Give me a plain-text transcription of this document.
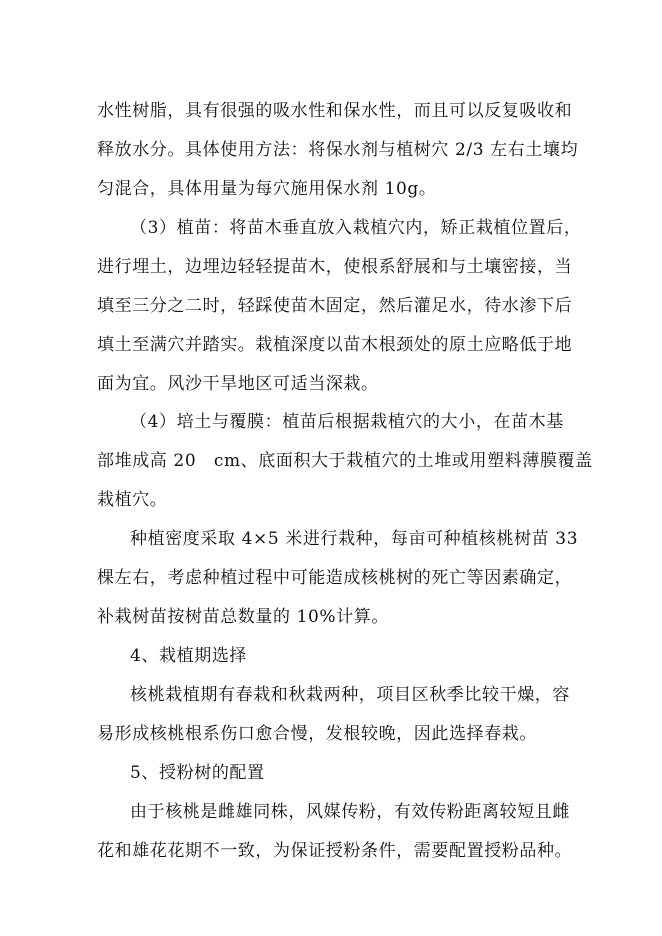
水性树脂，具有很强的吸水性和保水性，而且可以反复吸收和
释放水分。具体使用方法：将保水剂与植树穴 2/3 左右土壤均
匀混合，具体用量为每穴施用保水剂 10g。
（3）植苗：将苗木垂直放入栽植穴内，矫正栽植位置后，
进行埋土，边埋边轻轻提苗木，使根系舒展和与土壤密接，当
填至三分之二时，轻踩使苗木固定，然后灌足水，待水渗下后
填土至满穴并踏实。栽植深度以苗木根颈处的原土应略低于地
面为宜。风沙干旱地区可适当深栽。
（4）培土与覆膜：植苗后根据栽植穴的大小，在苗木基
部堆成高 20　cm、底面积大于栽植穴的土堆或用塑料薄膜覆盖
栽植穴。
种植密度采取 4×5 米进行栽种，每亩可种植核桃树苗 33
棵左右，考虑种植过程中可能造成核桃树的死亡等因素确定，
补栽树苗按树苗总数量的 10%计算。
4、栽植期选择
核桃栽植期有春栽和秋栽两种，项目区秋季比较干燥，容
易形成核桃根系伤口愈合慢，发根较晚，因此选择春栽。
5、授粉树的配置
由于核桃是雌雄同株，风媒传粉，有效传粉距离较短且雌
花和雄花花期不一致，为保证授粉条件，需要配置授粉品种。
